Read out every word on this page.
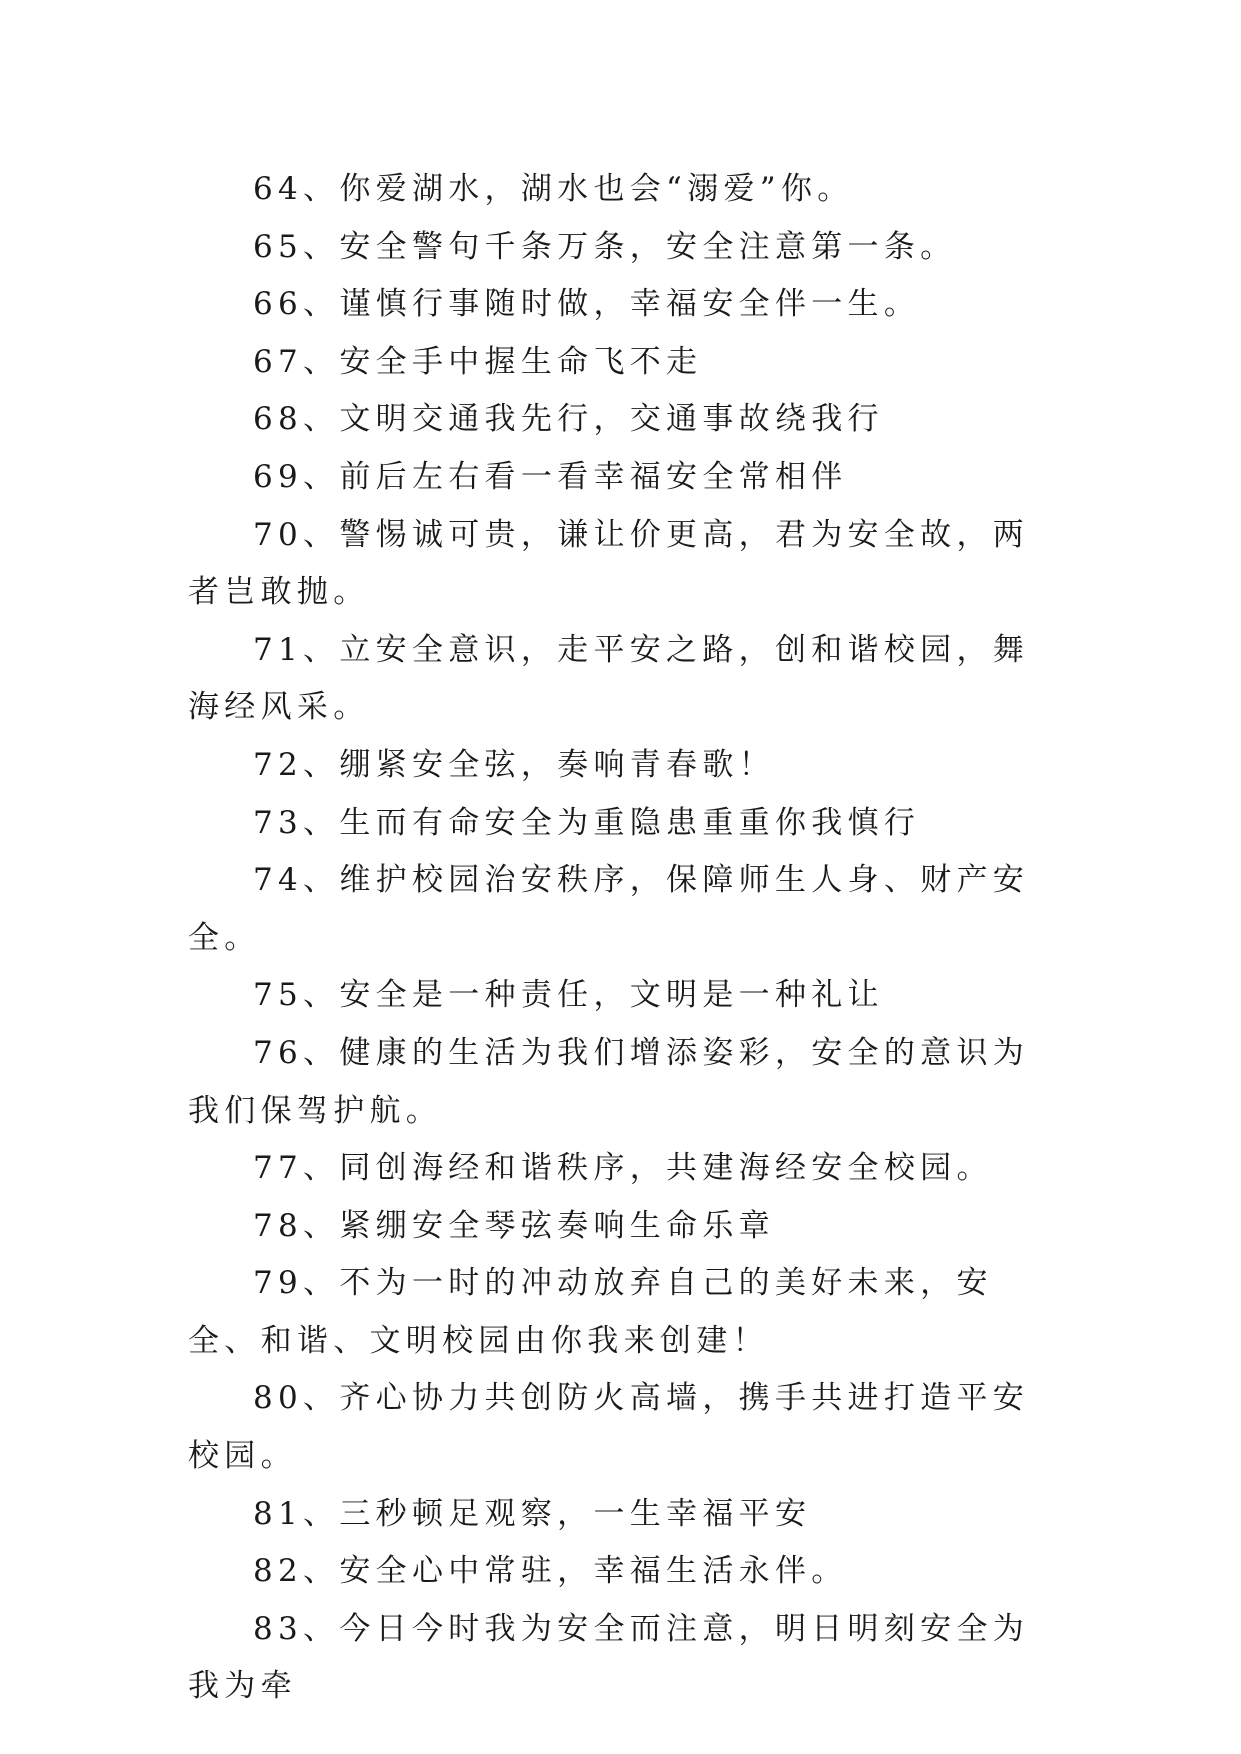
64、你爱湖水，湖水也会“溺爱”你。

65、安全警句千条万条，安全注意第一条。

66、谨慎行事随时做，幸福安全伴一生。

67、安全手中握生命飞不走

68、文明交通我先行，交通事故绕我行

69、前后左右看一看幸福安全常相伴

70、警惕诚可贵，谦让价更高，君为安全故，两者岂敢抛。

71、立安全意识，走平安之路，创和谐校园，舞海经风采。

72、绷紧安全弦，奏响青春歌！

73、生而有命安全为重隐患重重你我慎行

74、维护校园治安秩序，保障师生人身、财产安全。

75、安全是一种责任，文明是一种礼让

76、健康的生活为我们增添姿彩，安全的意识为我们保驾护航。

77、同创海经和谐秩序，共建海经安全校园。

78、紧绷安全琴弦奏响生命乐章

79、不为一时的冲动放弃自己的美好未来，安全、和谐、文明校园由你我来创建！

80、齐心协力共创防火高墙，携手共进打造平安校园。

81、三秒顿足观察，一生幸福平安

82、安全心中常驻，幸福生活永伴。

83、今日今时我为安全而注意，明日明刻安全为我为牵
